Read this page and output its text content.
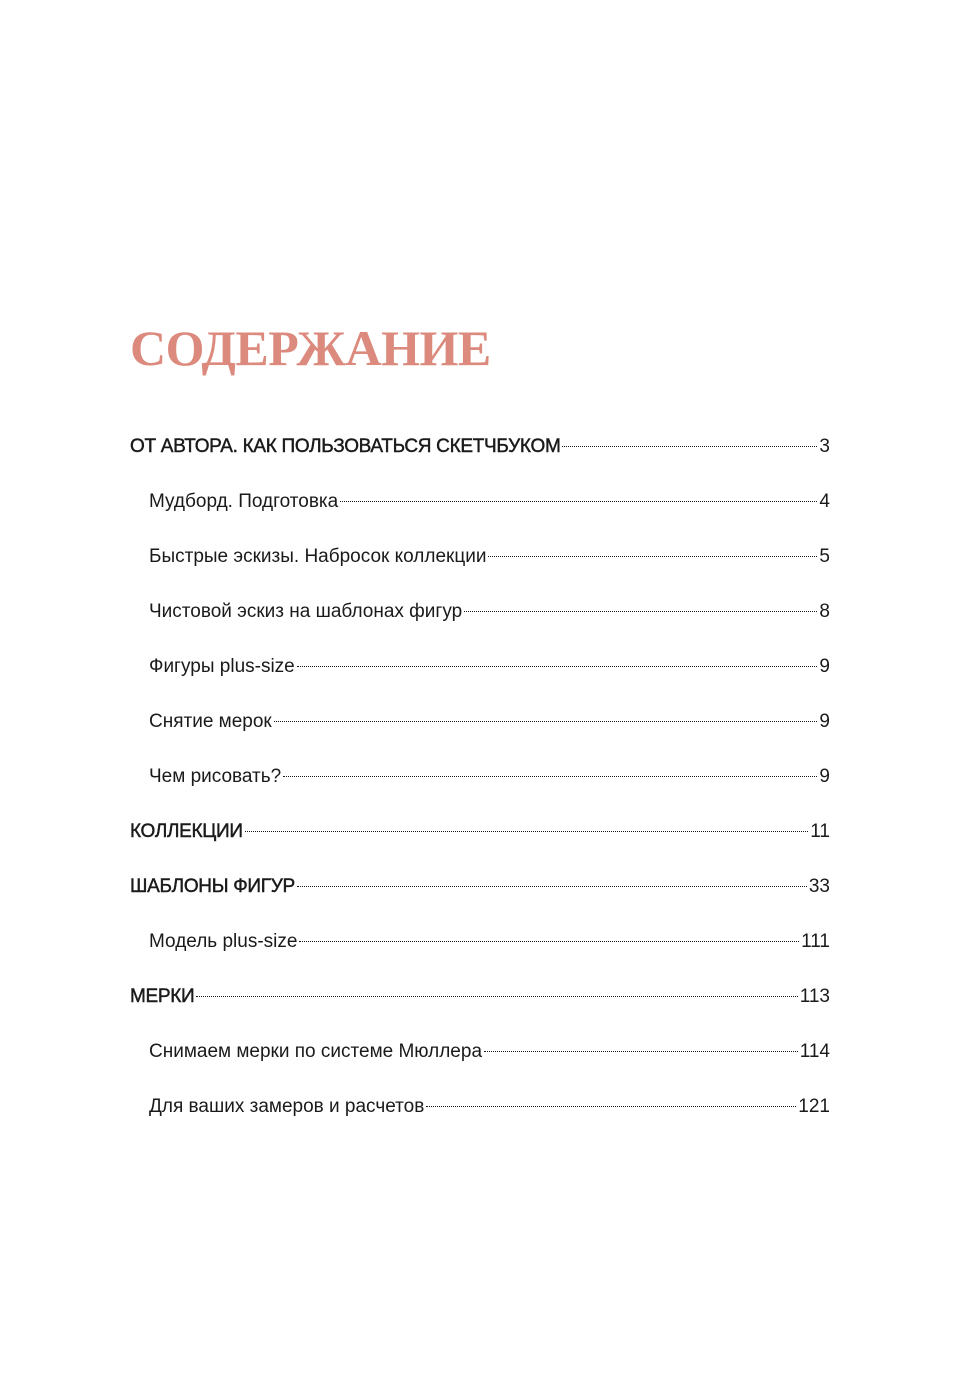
СОДЕРЖАНИЕ
ОТ АВТОРА. КАК ПОЛЬЗОВАТЬСЯ СКЕТЧБУКОМ	3
Мудборд. Подготовка	4
Быстрые эскизы. Набросок коллекции	5
Чистовой эскиз на шаблонах фигур	8
Фигуры plus-size	9
Снятие мерок	9
Чем рисовать?	9
КОЛЛЕКЦИИ	11
ШАБЛОНЫ ФИГУР	33
Модель plus-size	111
МЕРКИ	113
Снимаем мерки по системе Мюллера	114
Для ваших замеров и расчетов	121
